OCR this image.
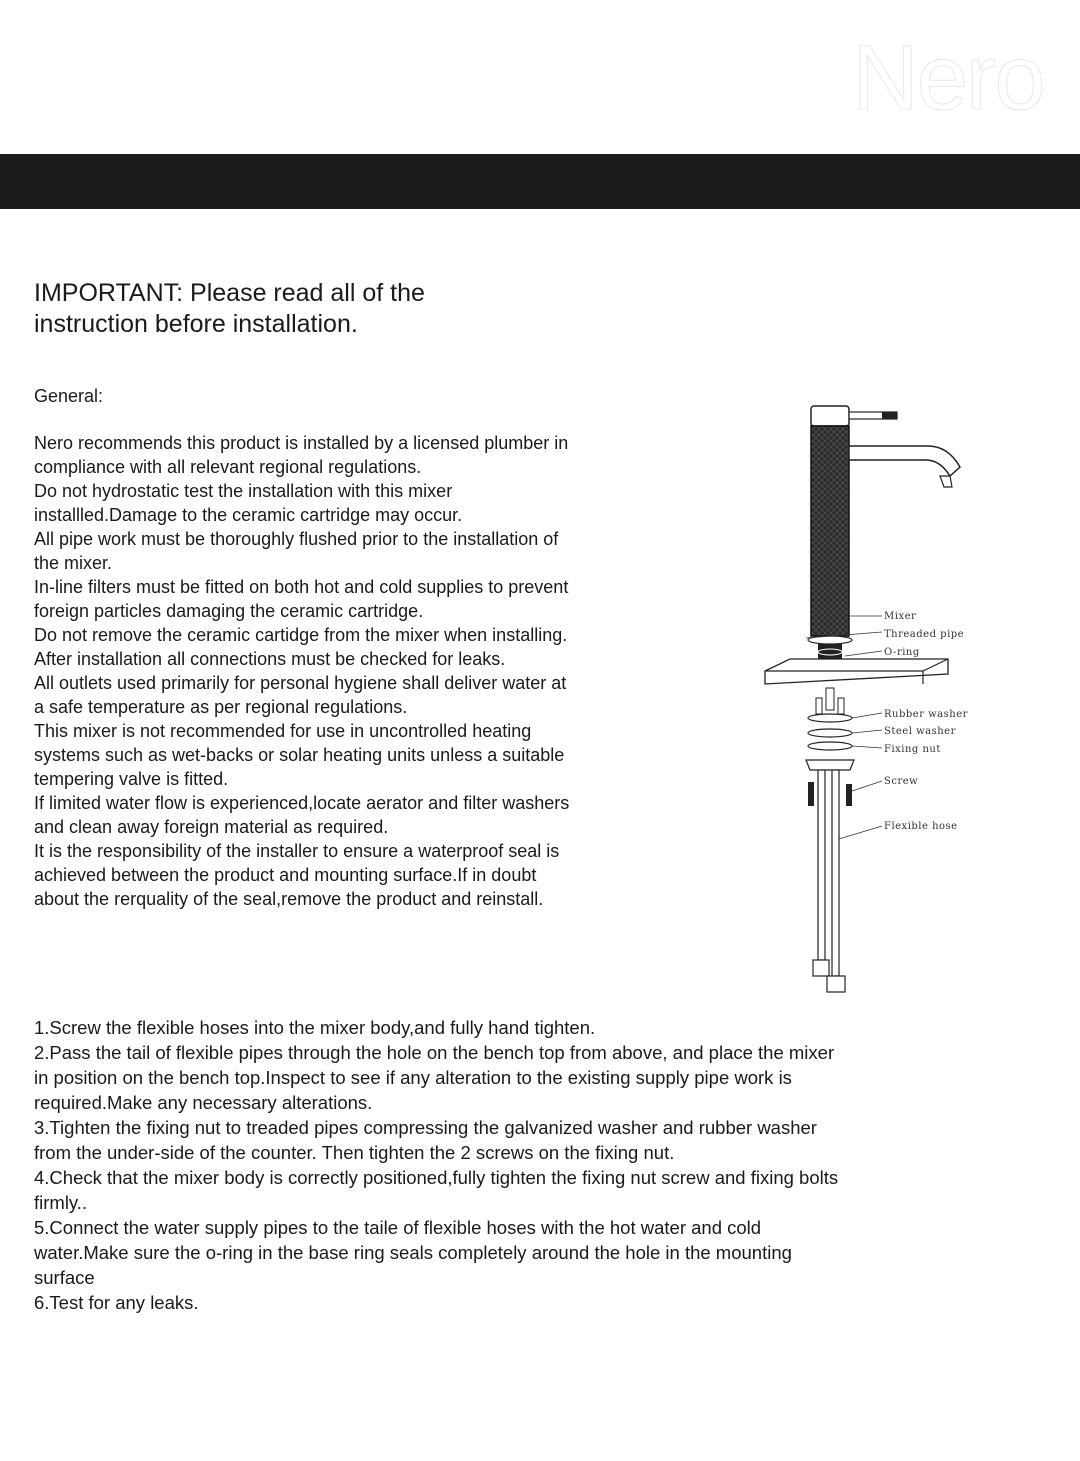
Nero
IMPORTANT: Please read all of the
instruction before installation.
General:
Nero recommends this product is installed by a licensed plumber in
compliance with all relevant regional regulations.
Do not hydrostatic test the installation with this mixer
installled.Damage to the ceramic cartridge may occur.
All pipe work must be thoroughly flushed prior to the installation of
the mixer.
In-line filters must be fitted on both hot and cold supplies to prevent
foreign particles damaging the ceramic cartridge.
Do not remove the ceramic cartidge from the mixer when installing.
After installation all connections must be checked for leaks.
All outlets used primarily for personal hygiene shall deliver water at
a safe temperature as per regional regulations.
This mixer is not recommended for use in uncontrolled heating
systems such as wet-backs or solar heating units unless a suitable
tempering valve is fitted.
If limited water flow is experienced,locate aerator and filter washers
and clean away foreign material as required.
It is the responsibility of the installer to ensure a waterproof seal is
achieved between the product and mounting surface.If in doubt
about the rerquality of the seal,remove the product and reinstall.
Mixer
Threaded pipe
O-ring
Rubber washer
Steel washer
Fixing nut
Screw
Flexible hose
1.Screw the flexible hoses into the mixer body,and fully hand tighten.
2.Pass the tail of flexible pipes through the hole on the bench top from above, and place the mixer
in position on the bench top.Inspect to see if any alteration to the existing supply pipe work is
required.Make any necessary alterations.
3.Tighten the fixing nut to treaded pipes compressing the galvanized washer and rubber washer
from the under-side of the counter. Then tighten the 2 screws on the fixing nut.
4.Check that the mixer body is correctly positioned,fully tighten the fixing nut screw and fixing bolts
firmly..
5.Connect the water supply pipes to the taile of flexible hoses with the hot water and cold
water.Make sure the o-ring in the base ring seals completely around the hole in the mounting
surface
6.Test for any leaks.
